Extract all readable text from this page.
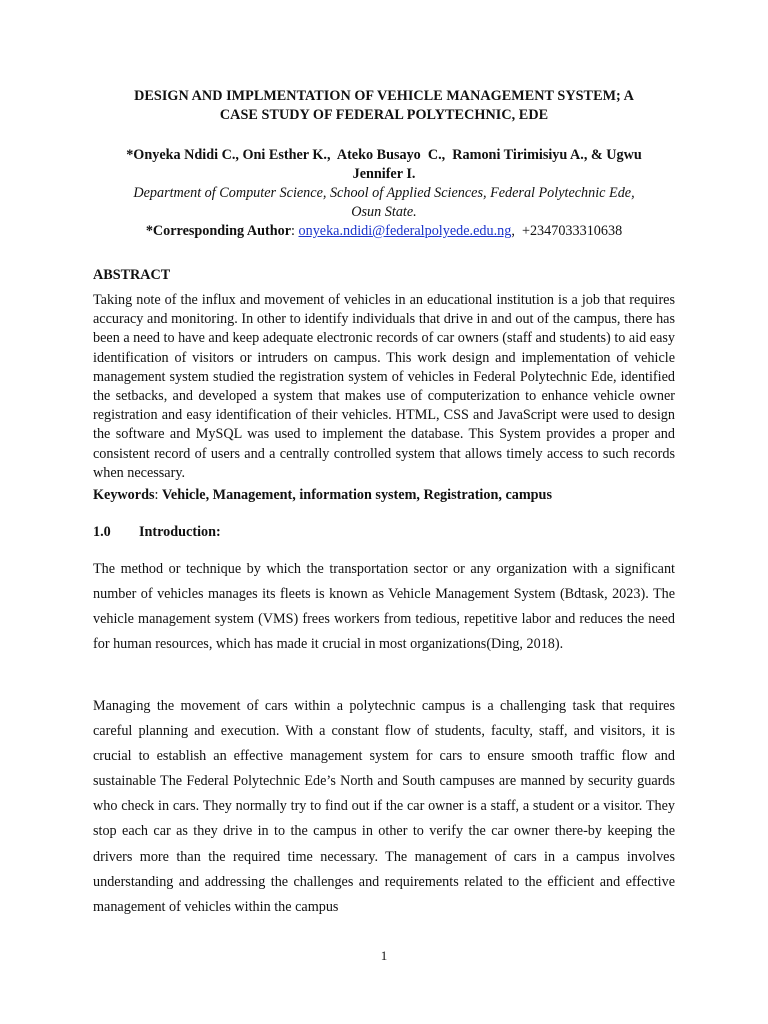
DESIGN AND IMPLMENTATION OF VEHICLE MANAGEMENT SYSTEM; A
CASE STUDY OF FEDERAL POLYTECHNIC, EDE
*Onyeka Ndidi C., Oni Esther K.,  Ateko Busayo  C.,  Ramoni Tirimisiyu A., & Ugwu
Jennifer I.
Department of Computer Science, School of Applied Sciences, Federal Polytechnic Ede,
Osun State.
*Corresponding Author: onyeka.ndidi@federalpolyede.edu.ng,  +2347033310638
ABSTRACT
Taking note of the influx and movement of vehicles in an educational institution is a job that requires accuracy and monitoring. In other to identify individuals that drive in and out of the campus, there has been a need to have and keep adequate electronic records of car owners (staff and students) to aid easy identification of visitors or intruders on campus. This work design and implementation of vehicle management system studied the registration system of vehicles in Federal Polytechnic Ede, identified the setbacks, and developed a system that makes use of computerization to enhance vehicle owner registration and easy identification of their vehicles. HTML, CSS and JavaScript were used to design the software and MySQL was used to implement the database. This System provides a proper and consistent record of users and a centrally controlled system that allows timely access to such records when necessary.
Keywords: Vehicle, Management, information system, Registration, campus
1.0 Introduction:
The method or technique by which the transportation sector or any organization with a significant number of vehicles manages its fleets is known as Vehicle Management System (Bdtask, 2023). The vehicle management system (VMS) frees workers from tedious, repetitive labor and reduces the need for human resources, which has made it crucial in most organizations(Ding, 2018).
Managing the movement of cars within a polytechnic campus is a challenging task that requires careful planning and execution. With a constant flow of students, faculty, staff, and visitors, it is crucial to establish an effective management system for cars to ensure smooth traffic flow and sustainable The Federal Polytechnic Ede’s North and South campuses are manned by security guards who check in cars. They normally try to find out if the car owner is a staff, a student or a visitor. They stop each car as they drive in to the campus in other to verify the car owner there-by keeping the drivers more than the required time necessary. The management of cars in a campus involves understanding and addressing the challenges and requirements related to the efficient and effective management of vehicles within the campus
1
